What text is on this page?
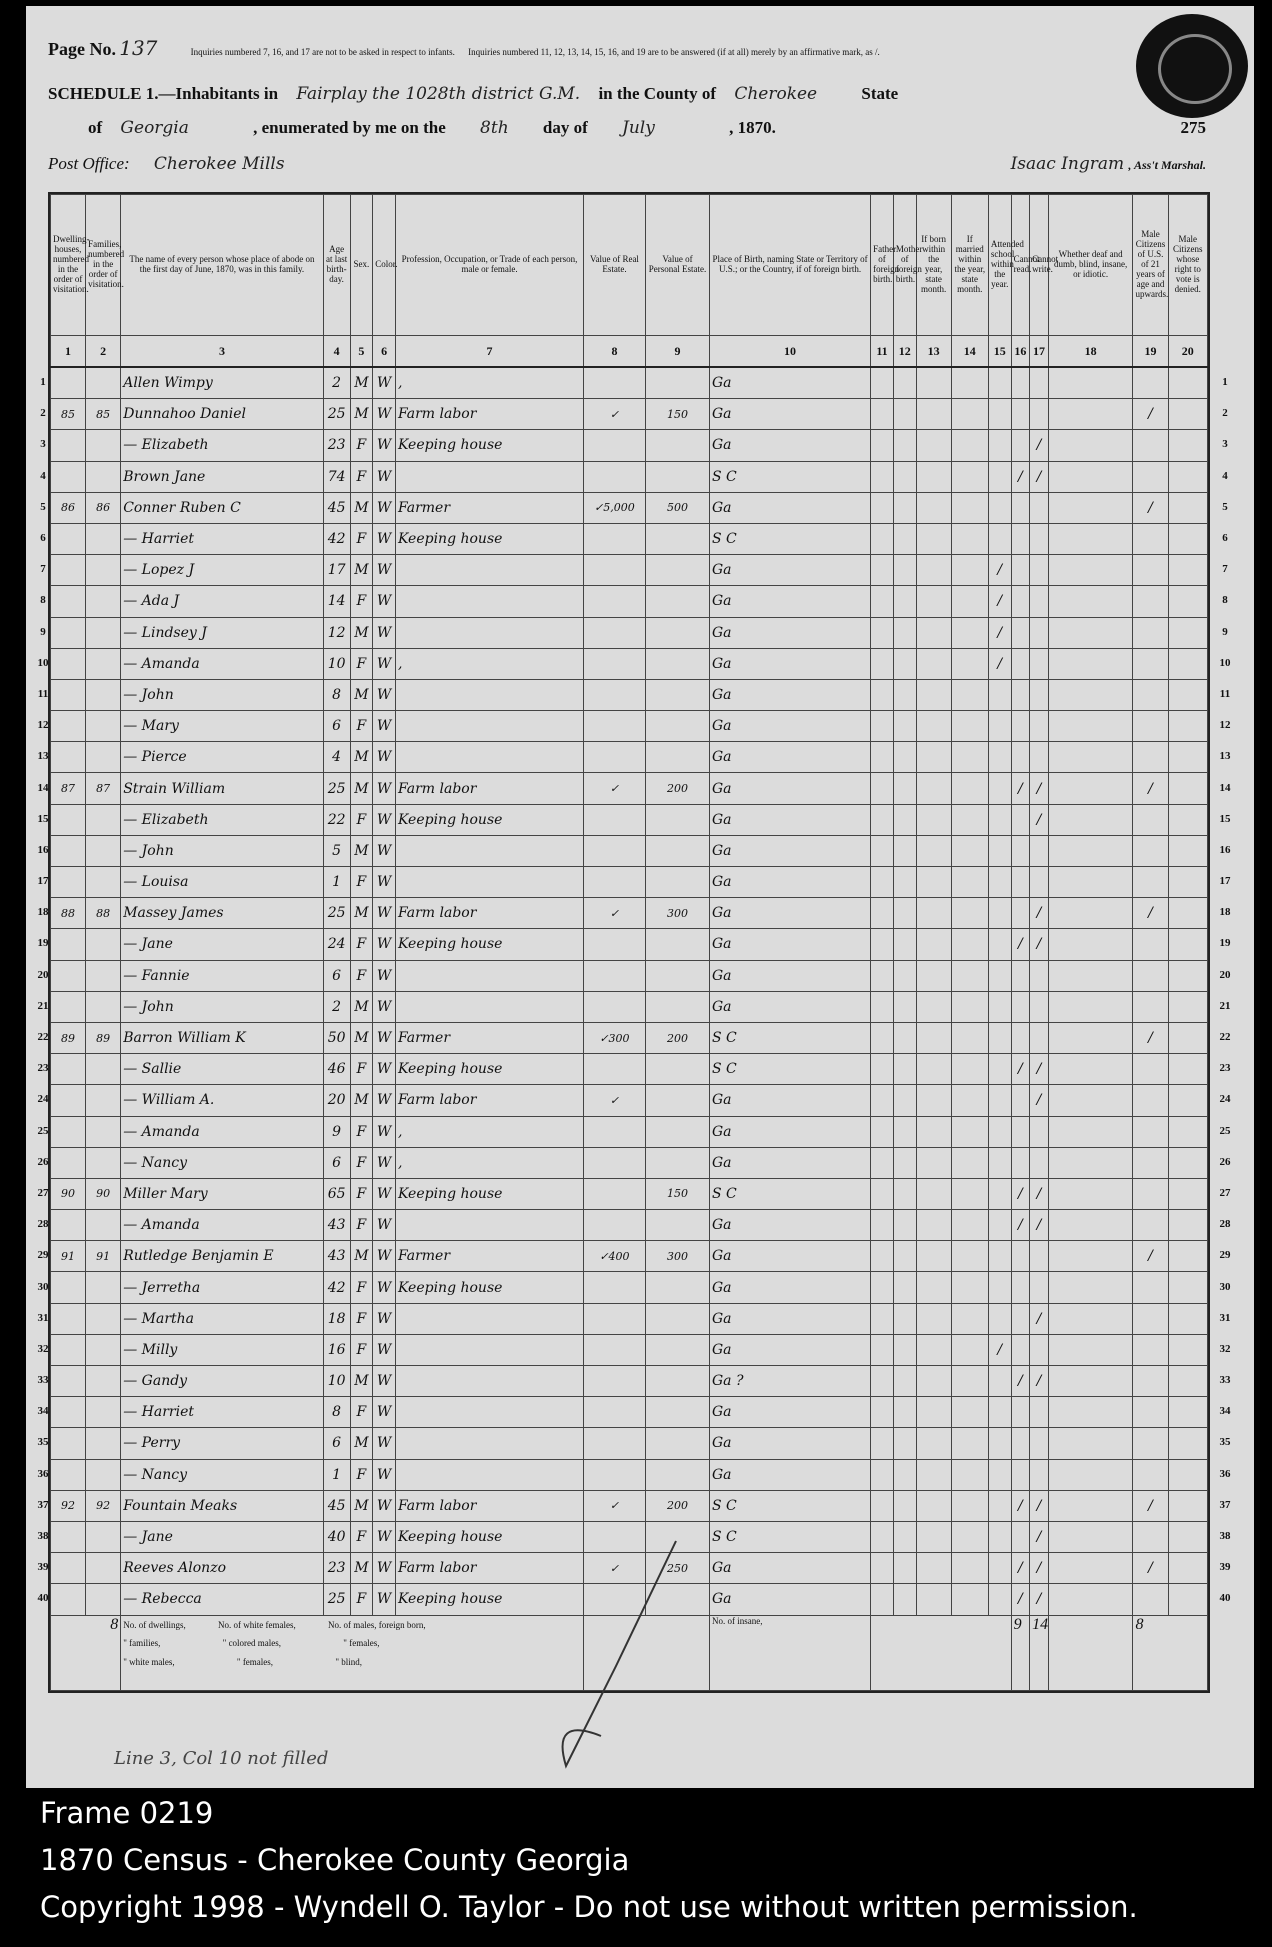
Page No. 137	Inquiries numbered 7, 16, and 17 are not to be asked in respect to infants. Inquiries numbered 11, 12, 13, 14, 15, 16, and 19 are to be answered (if at all) merely by an affirmative mark, as /.
SCHEDULE 1.—Inhabitants in Fairplay the 1028th district G.M. in the County of Cherokee	State
of Georgia	, enumerated by me on the 8th day of July	, 1870.	275
Post Office: Cherokee Mills	Isaac Ingram , Ass't Marshal.
Dwelling-houses, numbered in the order of visitation.	Families, numbered in the order of visitation.	The name of every person whose place of abode on the first day of June, 1870, was in this family.	Age at last birth-day.	Sex.	Color.	Profession, Occupation, or Trade of each person, male or female.	Value of Real Estate.	Value of Personal Estate.	Place of Birth, naming State or Territory of U.S.; or the Country, if of foreign birth.	Father of foreign birth.	Mother of foreign birth.	If born within the year, state month.	If married within the year, state month.	Attended school within the year.	Cannot read.	Cannot write.	Whether deaf and dumb, blind, insane, or idiotic.	Male Citizens of U.S. of 21 years of age and upwards.	Male Citizens whose right to vote is denied.
1	2	3	4	5	6	7	8	9	10	11	12	13	14	15	16	17	18	19	20
		Allen Wimpy	2	M	W	,			Ga										
85	85	Dunnahoo Daniel	25	M	W	Farm labor	✓	150	Ga									/	
		— Elizabeth	23	F	W	Keeping house			Ga							/			
		Brown Jane	74	F	W				S C						/	/			
86	86	Conner Ruben C	45	M	W	Farmer	✓5,000	500	Ga									/	
		— Harriet	42	F	W	Keeping house			S C										
		— Lopez J	17	M	W				Ga					/					
		— Ada J	14	F	W				Ga					/					
		— Lindsey J	12	M	W				Ga					/					
		— Amanda	10	F	W	,			Ga					/					
		— John	8	M	W				Ga										
		— Mary	6	F	W				Ga										
		— Pierce	4	M	W				Ga										
87	87	Strain William	25	M	W	Farm labor	✓	200	Ga						/	/		/	
		— Elizabeth	22	F	W	Keeping house			Ga							/			
		— John	5	M	W				Ga										
		— Louisa	1	F	W				Ga										
88	88	Massey James	25	M	W	Farm labor	✓	300	Ga							/		/	
		— Jane	24	F	W	Keeping house			Ga						/	/			
		— Fannie	6	F	W				Ga										
		— John	2	M	W				Ga										
89	89	Barron William K	50	M	W	Farmer	✓300	200	S C									/	
		— Sallie	46	F	W	Keeping house			S C						/	/			
		— William A.	20	M	W	Farm labor	✓		Ga							/			
		— Amanda	9	F	W	,			Ga										
		— Nancy	6	F	W	,			Ga										
90	90	Miller Mary	65	F	W	Keeping house		150	S C						/	/			
		— Amanda	43	F	W				Ga						/	/			
91	91	Rutledge Benjamin E	43	M	W	Farmer	✓400	300	Ga									/	
		— Jerretha	42	F	W	Keeping house			Ga										
		— Martha	18	F	W				Ga							/			
		— Milly	16	F	W				Ga					/					
		— Gandy	10	M	W				Ga ?						/	/			
		— Harriet	8	F	W				Ga										
		— Perry	6	M	W				Ga										
		— Nancy	1	F	W				Ga										
92	92	Fountain Meaks	45	M	W	Farm labor	✓	200	S C						/	/		/	
		— Jane	40	F	W	Keeping house			S C							/			
		Reeves Alonzo	23	M	W	Farm labor	✓	250	Ga						/	/		/	
		— Rebecca	25	F	W	Keeping house			Ga						/	/			
8		No. of dwellings, No. of white females, No. of males, foreign born,
" families, " colored males, " females,
" white males, " females, " blind,							No. of insane,						9	14		8	
Line 3, Col 10 not filled
1	1
2	2
3	3
4	4
5	5
6	6
7	7
8	8
9	9
10	10
11	11
12	12
13	13
14	14
15	15
16	16
17	17
18	18
19	19
20	20
21	21
22	22
23	23
24	24
25	25
26	26
27	27
28	28
29	29
30	30
31	31
32	32
33	33
34	34
35	35
36	36
37	37
38	38
39	39
40	40
Frame 0219
1870 Census - Cherokee County Georgia
Copyright 1998 - Wyndell O. Taylor - Do not use without written permission.
